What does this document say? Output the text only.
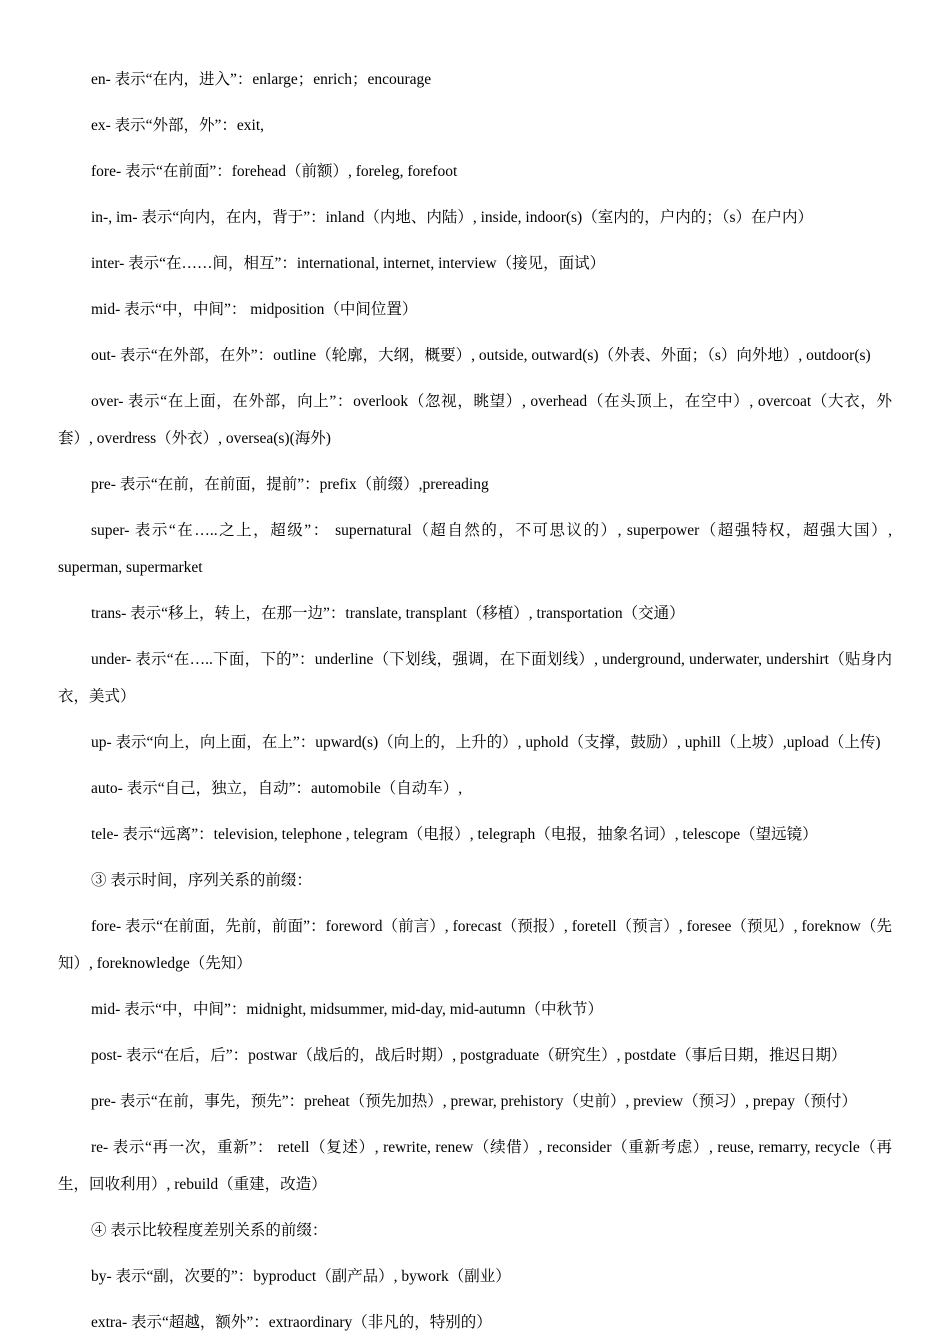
en- 表示“在内，进入”：enlarge；enrich；encourage

ex- 表示“外部，外”：exit,

fore- 表示“在前面”：forehead（前额）, foreleg, forefoot

in-, im- 表示“向内，在内，背于”：inland（内地、内陆）, inside, indoor(s)（室内的，户内的；（s）在户内）

inter- 表示“在……间，相互”：international, internet, interview（接见，面试）

mid- 表示“中，中间”： midposition（中间位置）

out- 表示“在外部，在外”：outline（轮廓，大纲，概要）, outside, outward(s)（外表、外面；（s）向外地）, outdoor(s)

over- 表示“在上面，在外部，向上”：overlook（忽视，眺望）, overhead（在头顶上，在空中）, overcoat（大衣，外套）, overdress（外衣）, oversea(s)(海外)

pre- 表示“在前，在前面，提前”：prefix（前缀）,prereading

super- 表示“在…..之上，超级”： supernatural（超自然的，不可思议的）, superpower（超强特权，超强大国）, superman, supermarket

trans- 表示“移上，转上，在那一边”：translate, transplant（移植）, transportation（交通）

under- 表示“在…..下面，下的”：underline（下划线，强调，在下面划线）, underground, underwater, undershirt（贴身内衣，美式）

up- 表示“向上，向上面，在上”：upward(s)（向上的，上升的）, uphold（支撑，鼓励）, uphill（上坡）,upload（上传)

auto- 表示“自己，独立，自动”：automobile（自动车）,

tele- 表示“远离”：television, telephone , telegram（电报）, telegraph（电报，抽象名词）, telescope（望远镜）

③ 表示时间，序列关系的前缀：

fore- 表示“在前面，先前，前面”：foreword（前言）, forecast（预报）, foretell（预言）, foresee（预见）, foreknow（先知）, foreknowledge（先知）

mid- 表示“中，中间”：midnight, midsummer, mid-day, mid-autumn（中秋节）

post- 表示“在后，后”：postwar（战后的，战后时期）, postgraduate（研究生）, postdate（事后日期，推迟日期）

pre- 表示“在前，事先，预先”：preheat（预先加热）, prewar, prehistory（史前）, preview（预习）, prepay（预付）

re- 表示“再一次，重新”： retell（复述）, rewrite, renew（续借）, reconsider（重新考虑）, reuse, remarry, recycle（再生，回收利用）, rebuild（重建，改造）

④ 表示比较程度差别关系的前缀：

by- 表示“副，次要的”：byproduct（副产品）, bywork（副业）

extra- 表示“超越，额外”：extraordinary（非凡的，特别的）
